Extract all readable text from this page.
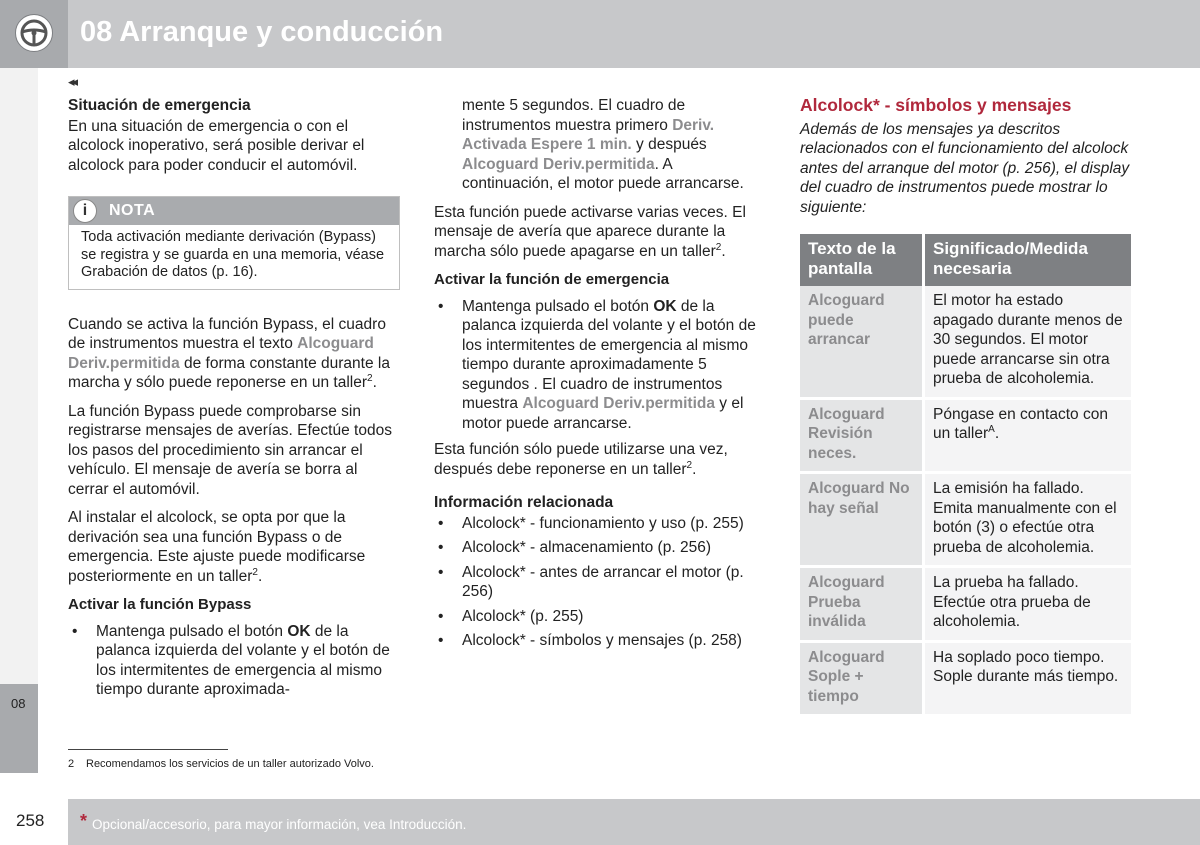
08 Arranque y conducción
◂◂
08
Situación de emergencia

En una situación de emergencia o con el alcolock inoperativo, será posible derivar el alcolock para poder conducir el automóvil.

i	NOTA
Toda activación mediante derivación (Bypass) se registra y se guarda en una memoria, véase Grabación de datos (p. 16).

Cuando se activa la función Bypass, el cuadro de instrumentos muestra el texto Alcoguard Deriv.permitida de forma constante durante la marcha y sólo puede reponerse en un taller$^2$.

La función Bypass puede comprobarse sin registrarse mensajes de averías. Efectúe todos los pasos del procedimiento sin arrancar el vehículo. El mensaje de avería se borra al cerrar el automóvil.

Al instalar el alcolock, se opta por que la derivación sea una función Bypass o de emergencia. Este ajuste puede modificarse posteriormente en un taller$^2$.

Activar la función Bypass
• Mantenga pulsado el botón OK de la palanca izquierda del volante y el botón de los intermitentes de emergencia al mismo tiempo durante aproximada-

mente 5 segundos. El cuadro de instrumentos muestra primero Deriv. Activada Espere 1 min. y después Alcoguard Deriv.permitida. A continuación, el motor puede arrancarse.

Esta función puede activarse varias veces. El mensaje de avería que aparece durante la marcha sólo puede apagarse en un taller$^2$.

Activar la función de emergencia
• Mantenga pulsado el botón OK de la palanca izquierda del volante y el botón de los intermitentes de emergencia al mismo tiempo durante aproximadamente 5 segundos . El cuadro de instrumentos muestra Alcoguard Deriv.permitida y el motor puede arrancarse.

Esta función sólo puede utilizarse una vez, después debe reponerse en un taller$^2$.

Información relacionada
• Alcolock* - funcionamiento y uso (p. 255)
• Alcolock* - almacenamiento (p. 256)
• Alcolock* - antes de arrancar el motor (p. 256)
• Alcolock* (p. 255)
• Alcolock* - símbolos y mensajes (p. 258)
Alcolock* - símbolos y mensajes

Además de los mensajes ya descritos relacionados con el funcionamiento del alcolock antes del arranque del motor (p. 256), el display del cuadro de instrumentos puede mostrar lo siguiente:

Texto de la pantalla	Significado/Medida necesaria
Alcoguard puede arrancar	El motor ha estado apagado durante menos de 30 segundos. El motor puede arrancarse sin otra prueba de alcoholemia.
Alcoguard Revisión neces.	Póngase en contacto con un taller$^A$.
Alcoguard No hay señal	La emisión ha fallado. Emita manualmente con el botón (3) o efectúe otra prueba de alcoholemia.
Alcoguard Prueba inválida	La prueba ha fallado. Efectúe otra prueba de alcoholemia.
Alcoguard Sople + tiempo	Ha soplado poco tiempo. Sople durante más tiempo.
2 Recomendamos los servicios de un taller autorizado Volvo.
258 * Opcional/accesorio, para mayor información, vea Introducción.
